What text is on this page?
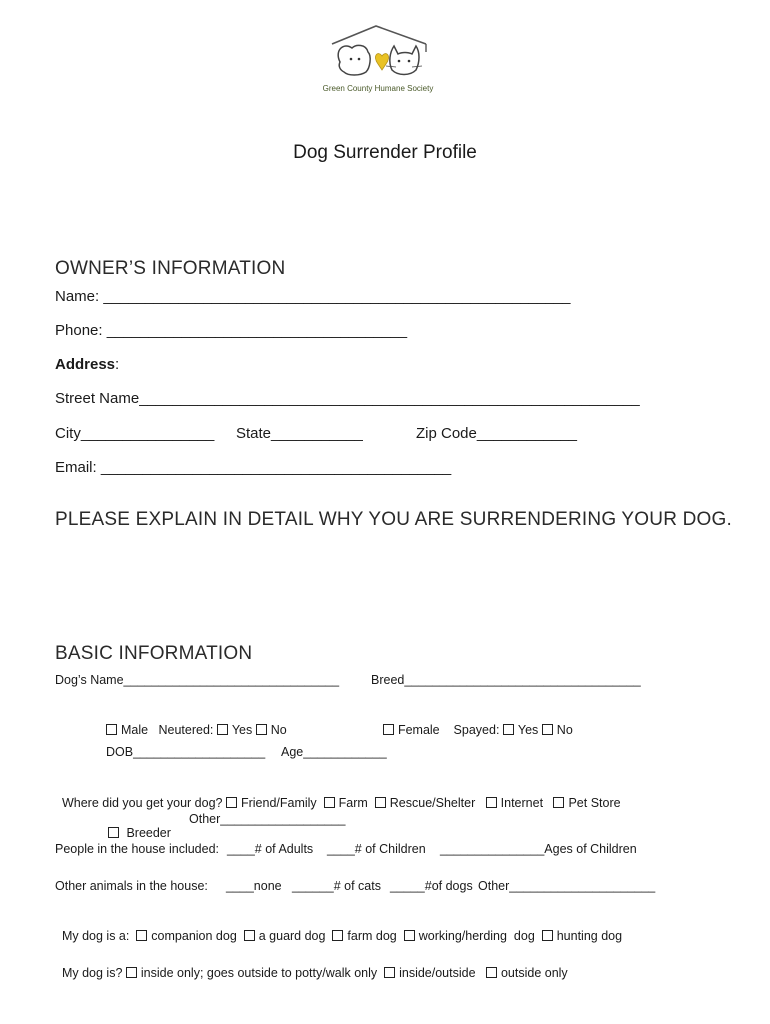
Green County Humane Society
Dog Surrender Profile
OWNER’S INFORMATION
Name: ________________________________________________________
Phone: ____________________________________
Address:
Street Name____________________________________________________________
City________________ State___________	Zip Code____________
Email: __________________________________________
PLEASE EXPLAIN IN DETAIL WHY YOU ARE SURRENDERING YOUR DOG.
BASIC INFORMATION
Dog’s Name_______________________________	Breed__________________________________

Male Neutered: Yes No	Female Spayed: Yes No

DOB___________________ Age____________

Where did you get your dog? Friend/Family Farm Rescue/Shelter Internet Pet Store

Breeder

Other__________________
People in the house included: ____# of Adults ____# of Children _______________Ages of Children
Other animals in the house: ____none ______# of cats _____#of dogs Other_____________________

My dog is a: companion dog a guard dog farm dog working/herding  dog hunting dog

My dog is? inside only; goes outside to potty/walk only inside/outside outside only
